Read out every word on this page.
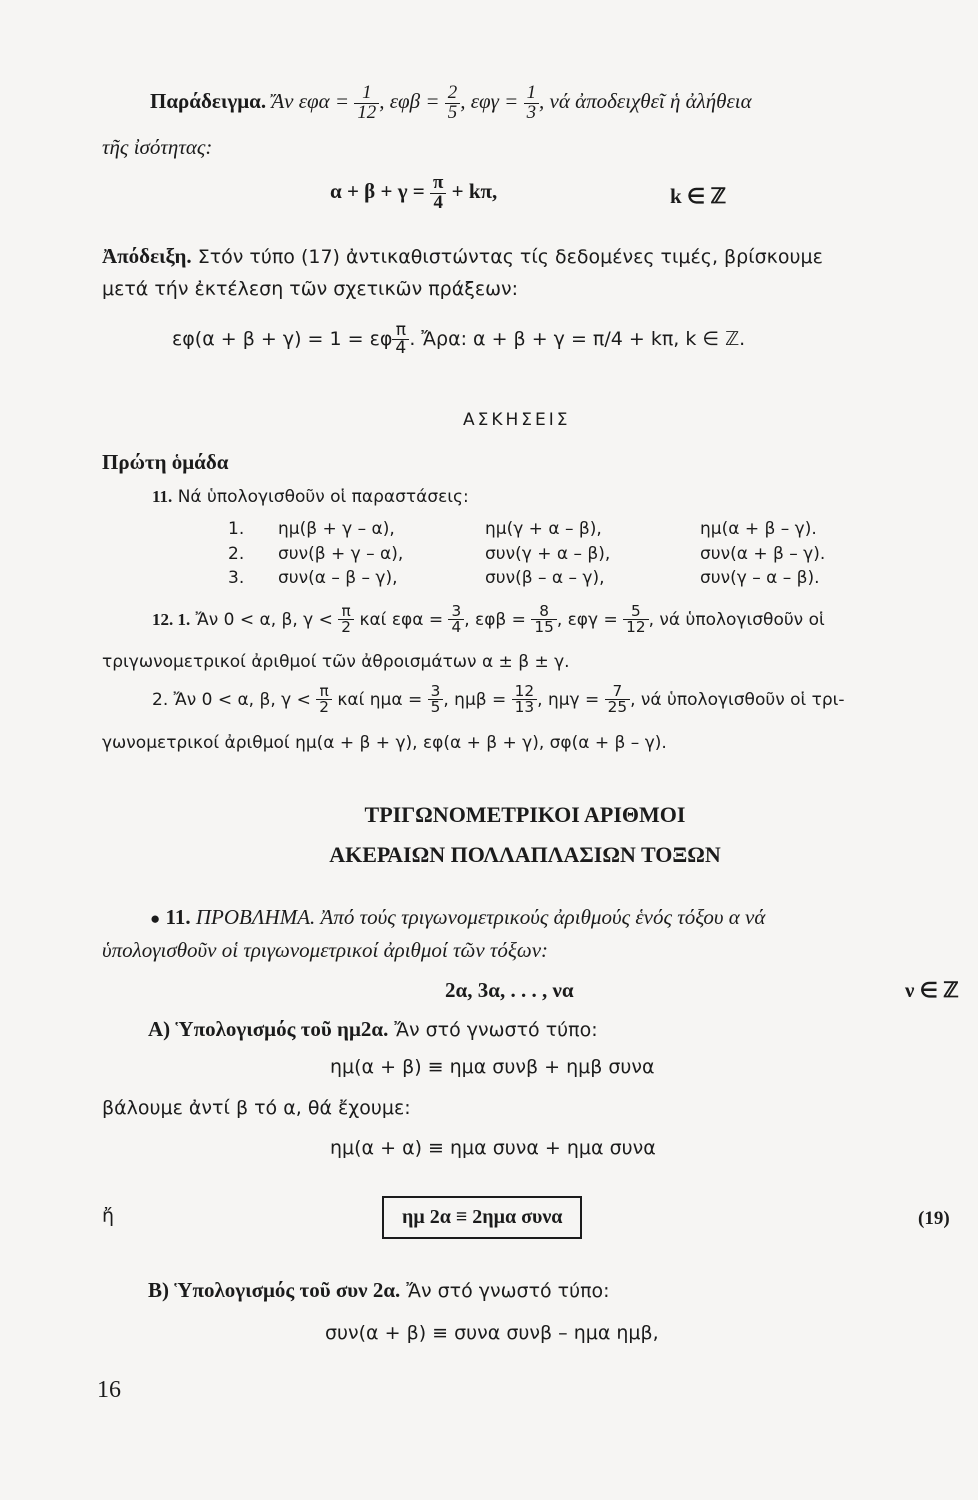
Παράδειγμα. Ἄν $\varepsilon\varphi\alpha = \frac{1}{12}$ , $\varepsilon\varphi\beta = \frac{2}{5}$ , $\varepsilon\varphi\gamma = \frac{1}{3}$ , νά ἀποδειχθεῖ ἡ ἀλήθεια
τῆς ἰσότητας:
$\alpha + \beta + \gamma = \frac{\pi}{4} + k\pi$,	k ∈ ℤ
Ἀπόδειξη. Στόν τύπο (17) ἀντικαθιστώντας τίς δεδομένες τιμές, βρίσκουμε
μετά τήν ἐκτέλεση τῶν σχετικῶν πράξεων:
εφ(α + β + γ) = 1 = εφ $\frac{\pi}{4}$ . Ἄρα: α + β + γ = π/4 + kπ, k ∈ ℤ.
ΑΣΚΗΣΕΙΣ
Πρώτη ὁμάδα
11. Νά ὑπολογισθοῦν οἱ παραστάσεις:
1. ημ(β + γ – α),	ημ(γ + α – β),	ημ(α + β – γ).
2. συν(β + γ – α),	συν(γ + α – β),	συν(α + β – γ).
3. συν(α – β – γ),	συν(β – α – γ),	συν(γ – α – β).
12. 1. Ἄν 0 < α, β, $\gamma < \frac{\pi}{2}$ καί $\varepsilon\varphi\alpha = \frac{3}{4}$ , $\varepsilon\varphi\beta = \frac{8}{15}$ , $\varepsilon\varphi\gamma = \frac{5}{12}$ , νά ὑπολογισθοῦν οἱ
τριγωνομετρικοί ἀριθμοί τῶν ἀθροισμάτων α ± β ± γ.
2. Ἄν 0 < α, β, $\gamma < \frac{\pi}{2}$ καί $\eta\mu\alpha = \frac{3}{5}$ , $\eta\mu\beta = \frac{12}{13}$ , $\eta\mu\gamma = \frac{7}{25}$ , νά ὑπολογισθοῦν οἱ τρι-
γωνομετρικοί ἀριθμοί ημ(α + β + γ), εφ(α + β + γ), σφ(α + β – γ).
ΤΡΙΓΩΝΟΜΕΤΡΙΚΟΙ ΑΡΙΘΜΟΙ
ΑΚΕΡΑΙΩΝ ΠΟΛΛΑΠΛΑΣΙΩΝ ΤΟΞΩΝ
● 11. ΠΡΟΒΛΗΜΑ. Ἀπό τούς τριγωνομετρικούς ἀριθμούς ἑνός τόξου α νά
ὑπολογισθοῦν οἱ τριγωνομετρικοί ἀριθμοί τῶν τόξων:
2α, 3α, . . . , να	ν ∈ ℤ
A) Ὑπολογισμός τοῦ ημ2α. Ἄν στό γνωστό τύπο:
ημ(α + β) ≡ ημα συνβ + ημβ συνα
βάλουμε ἀντί β τό α, θά ἔχουμε:
ημ(α + α) ≡ ημα συνα + ημα συνα
ἤ	ημ 2α ≡ 2ημα συνα	(19)
B) Ὑπολογισμός τοῦ συν 2α. Ἄν στό γνωστό τύπο:
συν(α + β) ≡ συνα συνβ – ημα ημβ,
16
